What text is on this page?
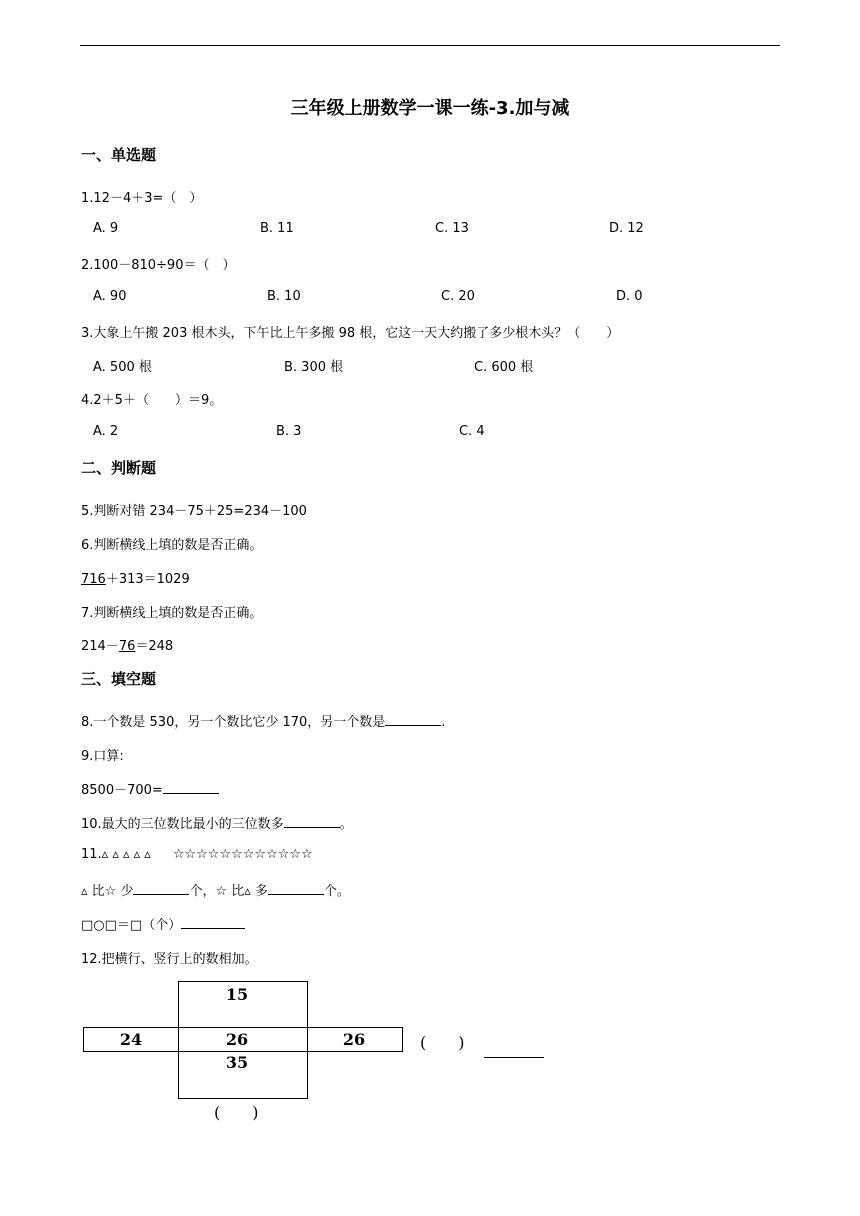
三年级上册数学一课一练-3.加与减
一、单选题
1.12－4＋3=（　）
A. 9	B. 11	C. 13	D. 12
2.100－810÷90＝（　）
A. 90	B. 10	C. 20	D. 0
3.大象上午搬 203 根木头，下午比上午多搬 98 根，它这一天大约搬了多少根木头？（　　）
A. 500 根	B. 300 根	C. 600 根
4.2＋5＋（　　）＝9。
A. 2	B. 3	C. 4
二、判断题
5.判断对错 234－75＋25=234－100
6.判断横线上填的数是否正确。
716＋313＝1029
7.判断横线上填的数是否正确。
214－76＝248
三、填空题
8.一个数是 530，另一个数比它少 170，另一个数是	.
9.口算:
8500－700=
10.最大的三位数比最小的三位数多	。
11.▵ ▵ ▵ ▵ ▵ ☆☆☆☆☆☆☆☆☆☆☆☆
▵ 比☆ 少	个，☆ 比▵ 多	个。
□○□＝□（个）
12.把横行、竖行上的数相加。
15
24	26	26
35
(　　)
(　　)
